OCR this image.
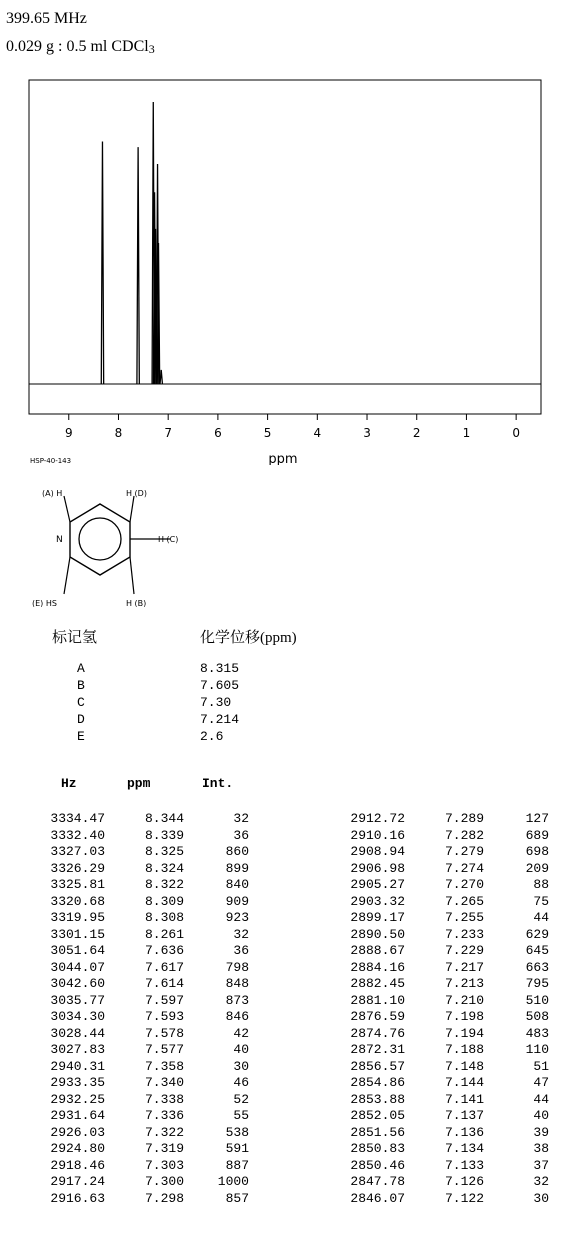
399.65 MHz
0.029 g : 0.5 ml CDCl$_3$
9	8	7	6	5	4	3	2	1	0
ppm
HSP-40-143
(A) H	H (D)
H (C)
N
(E) HS	H (B)
标记氢	化学位移(ppm)
A	8.315
B	7.605
C	7.30
D	7.214
E	2.6
Hz	ppm	Int.
3334.47	8.344	32
3332.40	8.339	36
3327.03	8.325	860
3326.29	8.324	899
3325.81	8.322	840
3320.68	8.309	909
3319.95	8.308	923
3301.15	8.261	32
3051.64	7.636	36
3044.07	7.617	798
3042.60	7.614	848
3035.77	7.597	873
3034.30	7.593	846
3028.44	7.578	42
3027.83	7.577	40
2940.31	7.358	30
2933.35	7.340	46
2932.25	7.338	52
2931.64	7.336	55
2926.03	7.322	538
2924.80	7.319	591
2918.46	7.303	887
2917.24	7.300	1000
2916.63	7.298	857
2912.72	7.289	127
2910.16	7.282	689
2908.94	7.279	698
2906.98	7.274	209
2905.27	7.270	88
2903.32	7.265	75
2899.17	7.255	44
2890.50	7.233	629
2888.67	7.229	645
2884.16	7.217	663
2882.45	7.213	795
2881.10	7.210	510
2876.59	7.198	508
2874.76	7.194	483
2872.31	7.188	110
2856.57	7.148	51
2854.86	7.144	47
2853.88	7.141	44
2852.05	7.137	40
2851.56	7.136	39
2850.83	7.134	38
2850.46	7.133	37
2847.78	7.126	32
2846.07	7.122	30
